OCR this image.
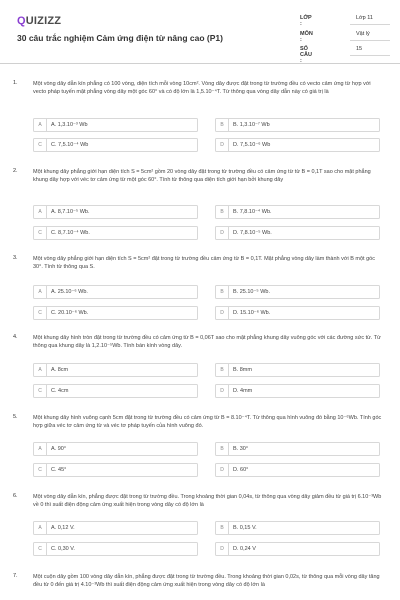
QUIZIZZ
30 câu trắc nghiệm Cảm ứng điện từ nâng cao (P1)
LỚP :
Lớp 11
MÔN :
Vật lý
SỐ CÂU :
15
1.	Một vòng dây dẫn kín phẳng có 100 vòng, diện tích mỗi vòng 10cm². Vòng dây được đặt trong từ trường đều có vecto cảm ứng từ hợp với vecto pháp tuyến mặt phẳng vòng dây một góc 60° và có độ lớn là 1,5.10⁻⁴T. Từ thông qua vòng dây dẫn này có giá trị là
A	A. 1,3.10⁻³ Wb	B	B. 1,3.10⁻⁷ Wb
C	C. 7,5.10⁻⁴ Wb	D	D. 7,5.10⁻⁶ Wb
2.	Một khung dây phẳng giới hạn diện tích S = 5cm² gồm 20 vòng dây đặt trong từ trường đều có cảm ứng từ từ B = 0,1T sao cho mặt phẳng khung dây hợp với véc tơ cảm ứng từ một góc 60°. Tính từ thông qua diện tích giới hạn bởi khung dây
A	A. 8,7.10⁻⁵ Wb.	B	B. 7,8.10⁻⁴ Wb.
C	C. 8,7.10⁻⁴ Wb.	D	D. 7,8.10⁻⁵ Wb.
3.	Một vòng dây phẳng giới hạn diện tích S = 5cm² đặt trong từ trường đều cảm ứng từ B = 0,1T. Mặt phẳng vòng dây làm thành với B một góc 30°. Tính từ thông qua S.
A	A. 25.10⁻⁶ Wb.	B	B. 25.10⁻⁵ Wb.
C	C. 20.10⁻⁶ Wb.	D	D. 15.10⁻⁶ Wb.
4.	Một khung dây hình tròn đặt trong từ trường đều có cảm ứng từ B = 0,06T sao cho mặt phẳng khung dây vuông góc với các đường sức từ. Từ thông qua khung dây là 1,2.10⁻⁵Wb. Tính bán kính vòng dây.
A	A. 8cm	B	B. 8mm
C	C. 4cm	D	D. 4mm
5.	Một khung dây hình vuông cạnh 5cm đặt trong từ trường đều có cảm ứng từ B = 8.10⁻⁴T. Từ thông qua hình vuông đó bằng 10⁻⁶Wb. Tính góc hợp giữa véc tơ cảm ứng từ và véc tơ pháp tuyến của hình vuông đó.
A	A. 90°	B	B. 30°
C	C. 45°	D	D. 60°
6.	Một vòng dây dẫn kín, phẳng được đặt trong từ trường đều. Trong khoảng thời gian 0,04s, từ thông qua vòng dây giảm đều từ giá trị 6.10⁻³Wb về 0 thì suất điện động cảm ứng xuất hiện trong vòng dây có độ lớn là
A	A. 0,12 V.	B	B. 0,15 V.
C	C. 0,30 V.	D	D. 0,24 V
7.	Một cuộn dây gồm 100 vòng dây dẫn kín, phẳng được đặt trong từ trường đều. Trong khoảng thời gian 0,02s, từ thông qua mỗi vòng dây tăng đều từ 0 đến giá trị 4.10⁻³Wb thì suất điện động cảm ứng xuất hiện trong vòng dây có độ lớn là
